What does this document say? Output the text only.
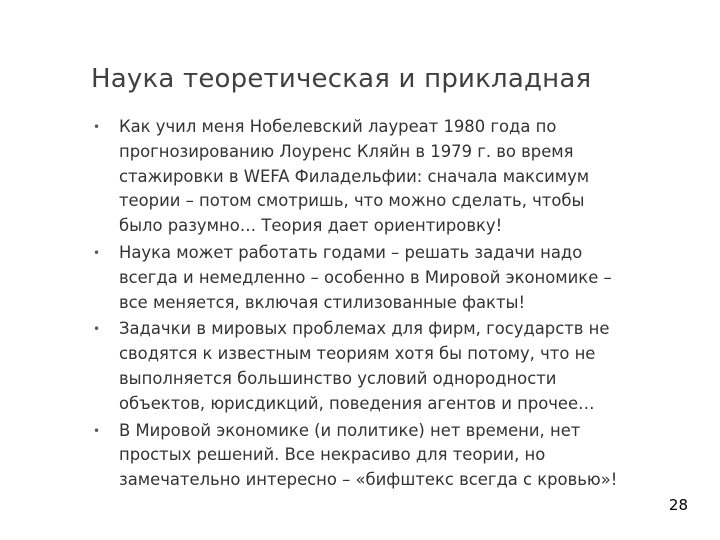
Наука теоретическая и прикладная
• Как учил меня Нобелевский лауреат 1980 года по
прогнозированию Лоуренс Кляйн в 1979 г. во время
стажировки в WEFA Филадельфии: сначала максимум
теории – потом смотришь, что можно сделать, чтобы
было разумно… Теория дает ориентировку!
• Наука может работать годами – решать задачи надо
всегда и немедленно – особенно в Мировой экономике –
все меняется, включая стилизованные факты!
• Задачки в мировых проблемах для фирм, государств не
сводятся к известным теориям хотя бы потому, что не
выполняется большинство условий однородности
объектов, юрисдикций, поведения агентов и прочее…
• В Мировой экономике (и политике) нет времени, нет
простых решений. Все некрасиво для теории, но
замечательно интересно – «бифштекс всегда с кровью»!
28
